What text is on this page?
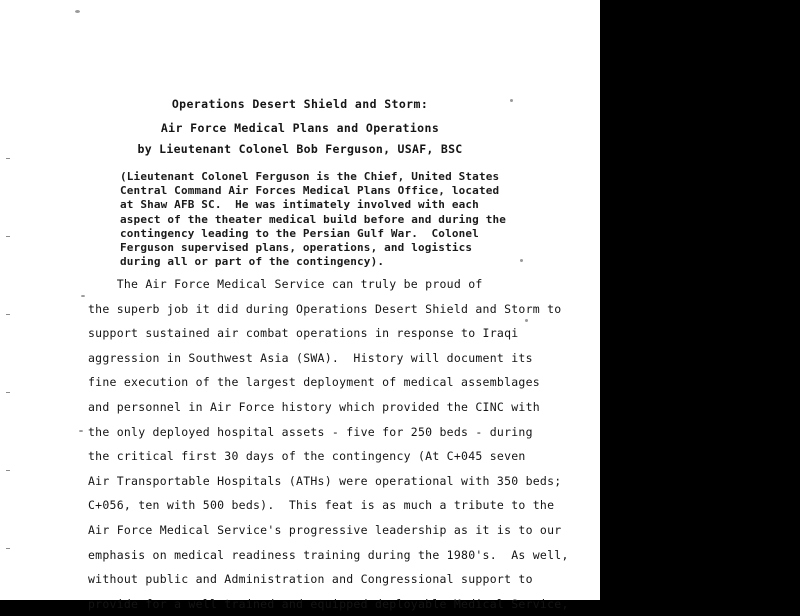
Operations Desert Shield and Storm:
Air Force Medical Plans and Operations
by Lieutenant Colonel Bob Ferguson, USAF, BSC
(Lieutenant Colonel Ferguson is the Chief, United States
Central Command Air Forces Medical Plans Office, located
at Shaw AFB SC.  He was intimately involved with each
aspect of the theater medical build before and during the
contingency leading to the Persian Gulf War.  Colonel
Ferguson supervised plans, operations, and logistics
during all or part of the contingency).
The Air Force Medical Service can truly be proud of
the superb job it did during Operations Desert Shield and Storm to
support sustained air combat operations in response to Iraqi
aggression in Southwest Asia (SWA).  History will document its
fine execution of the largest deployment of medical assemblages
and personnel in Air Force history which provided the CINC with
the only deployed hospital assets - five for 250 beds - during
the critical first 30 days of the contingency (At C+045 seven
Air Transportable Hospitals (ATHs) were operational with 350 beds;
C+056, ten with 500 beds).  This feat is as much a tribute to the
Air Force Medical Service's progressive leadership as it is to our
emphasis on medical readiness training during the 1980's.  As well,
without public and Administration and Congressional support to
provide for a well trained and equipped deployable Medical Service,
